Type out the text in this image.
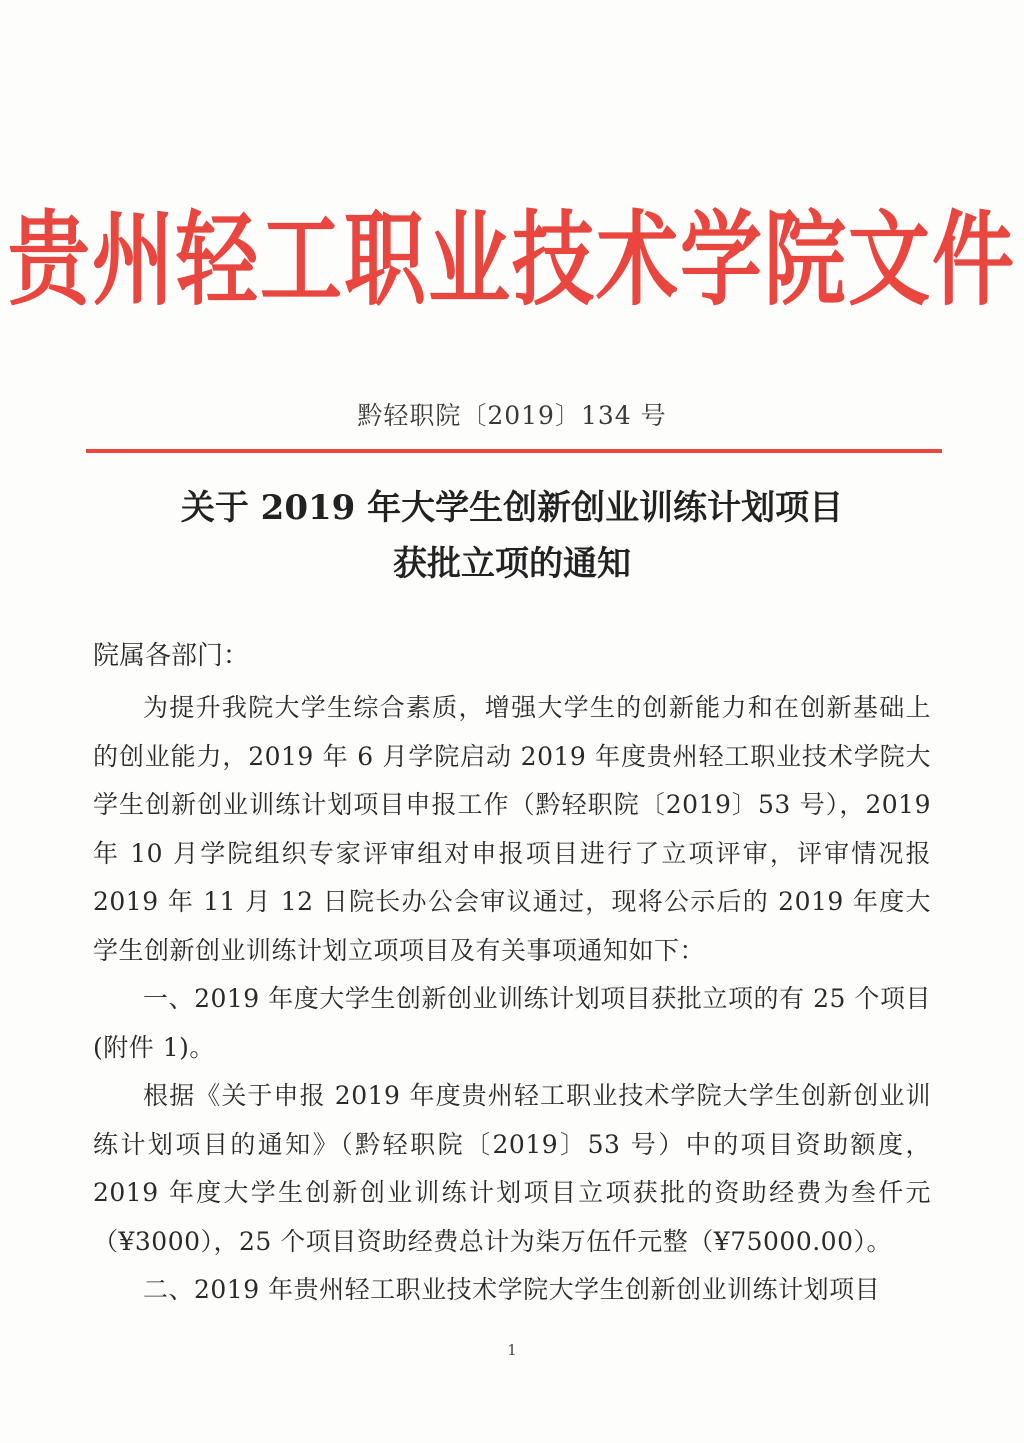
贵州轻工职业技术学院文件
黔轻职院〔2019〕134 号
关于 2019 年大学生创新创业训练计划项目
获批立项的通知
院属各部门：

为提升我院大学生综合素质，增强大学生的创新能力和在创新基础上的创业能力，2019 年 6 月学院启动 2019 年度贵州轻工职业技术学院大学生创新创业训练计划项目申报工作（黔轻职院〔2019〕53 号），2019 年 10 月学院组织专家评审组对申报项目进行了立项评审，评审情况报 2019 年 11 月 12 日院长办公会审议通过，现将公示后的 2019 年度大学生创新创业训练计划立项项目及有关事项通知如下：

一、2019 年度大学生创新创业训练计划项目获批立项的有 25 个项目(附件 1)。

根据《关于申报 2019 年度贵州轻工职业技术学院大学生创新创业训练计划项目的通知》（黔轻职院〔2019〕53 号）中的项目资助额度，2019 年度大学生创新创业训练计划项目立项获批的资助经费为叁仟元（¥3000），25 个项目资助经费总计为柒万伍仟元整（¥75000.00）。

二、2019 年贵州轻工职业技术学院大学生创新创业训练计划项目

1
